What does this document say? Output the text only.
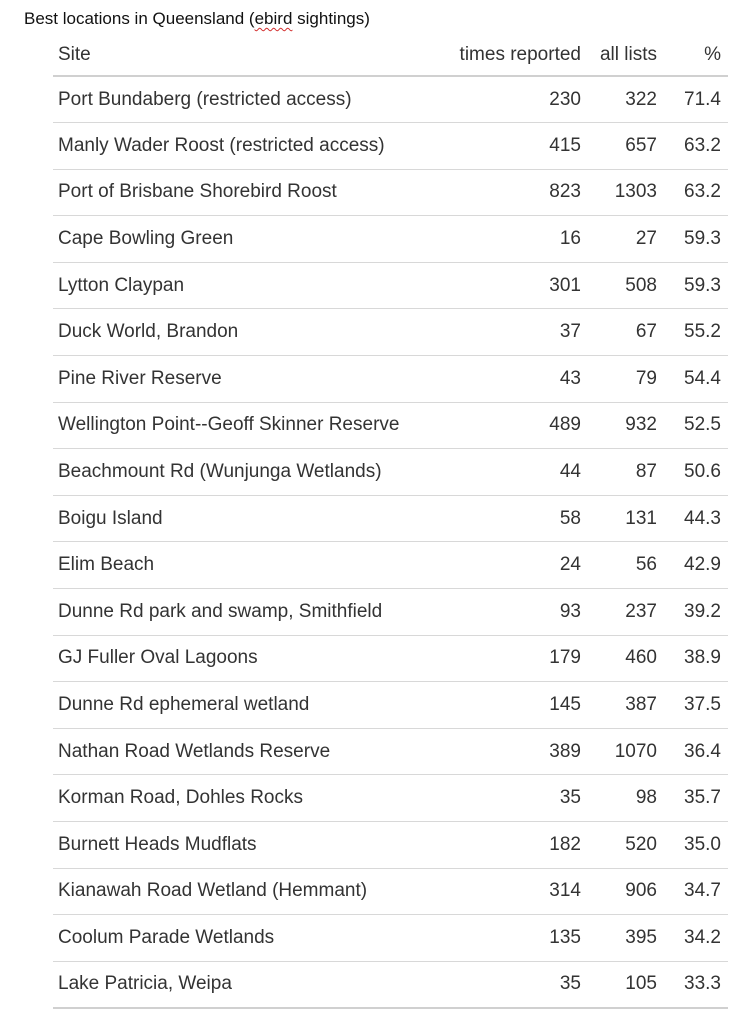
Best locations in Queensland (ebird sightings)
Site	times reported	all lists	%
Port Bundaberg (restricted access)	230	322	71.4
Manly Wader Roost (restricted access)	415	657	63.2
Port of Brisbane Shorebird Roost	823	1303	63.2
Cape Bowling Green	16	27	59.3
Lytton Claypan	301	508	59.3
Duck World, Brandon	37	67	55.2
Pine River Reserve	43	79	54.4
Wellington Point--Geoff Skinner Reserve	489	932	52.5
Beachmount Rd (Wunjunga Wetlands)	44	87	50.6
Boigu Island	58	131	44.3
Elim Beach	24	56	42.9
Dunne Rd park and swamp, Smithfield	93	237	39.2
GJ Fuller Oval Lagoons	179	460	38.9
Dunne Rd ephemeral wetland	145	387	37.5
Nathan Road Wetlands Reserve	389	1070	36.4
Korman Road, Dohles Rocks	35	98	35.7
Burnett Heads Mudflats	182	520	35.0
Kianawah Road Wetland (Hemmant)	314	906	34.7
Coolum Parade Wetlands	135	395	34.2
Lake Patricia, Weipa	35	105	33.3
